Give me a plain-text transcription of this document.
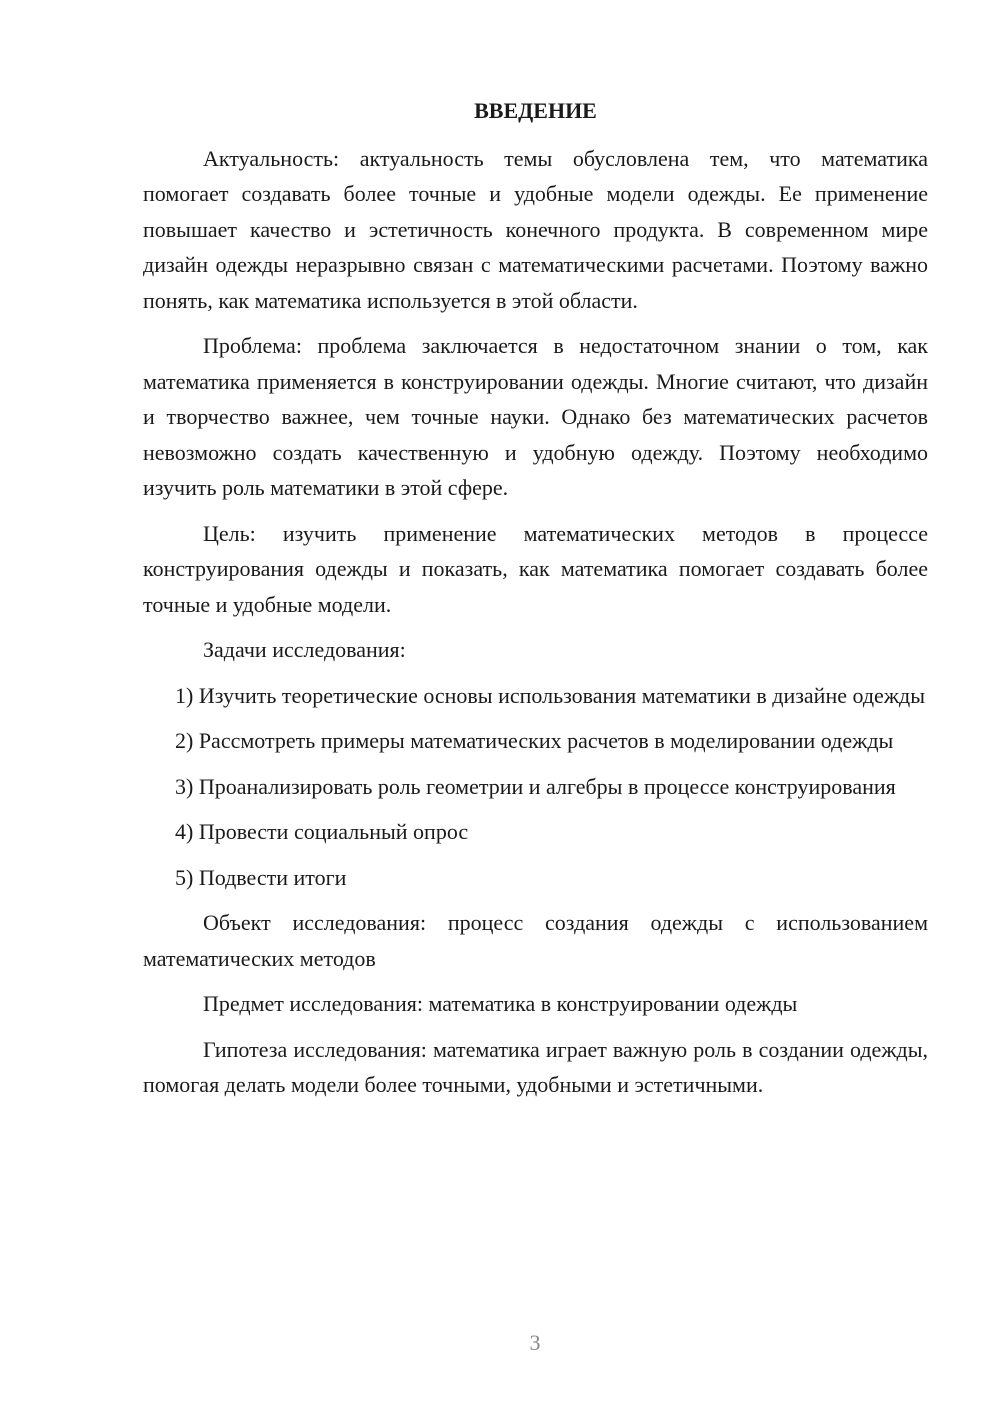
ВВЕДЕНИЕ

Актуальность: актуальность темы обусловлена тем, что математика помогает создавать более точные и удобные модели одежды. Ее применение повышает качество и эстетичность конечного продукта. В современном мире дизайн одежды неразрывно связан с математическими расчетами. Поэтому важно понять, как математика используется в этой области.

Проблема: проблема заключается в недостаточном знании о том, как математика применяется в конструировании одежды. Многие считают, что дизайн и творчество важнее, чем точные науки. Однако без математических расчетов невозможно создать качественную и удобную одежду. Поэтому необходимо изучить роль математики в этой сфере.

Цель: изучить применение математических методов в процессе конструирования одежды и показать, как математика помогает создавать более точные и удобные модели.

Задачи исследования:

1) Изучить теоретические основы использования математики в дизайне одежды

2) Рассмотреть примеры математических расчетов в моделировании одежды

3) Проанализировать роль геометрии и алгебры в процессе конструирования

4) Провести социальный опрос

5) Подвести итоги

Объект исследования: процесс создания одежды с использованием математических методов

Предмет исследования: математика в конструировании одежды

Гипотеза исследования: математика играет важную роль в создании одежды, помогая делать модели более точными, удобными и эстетичными.

3
